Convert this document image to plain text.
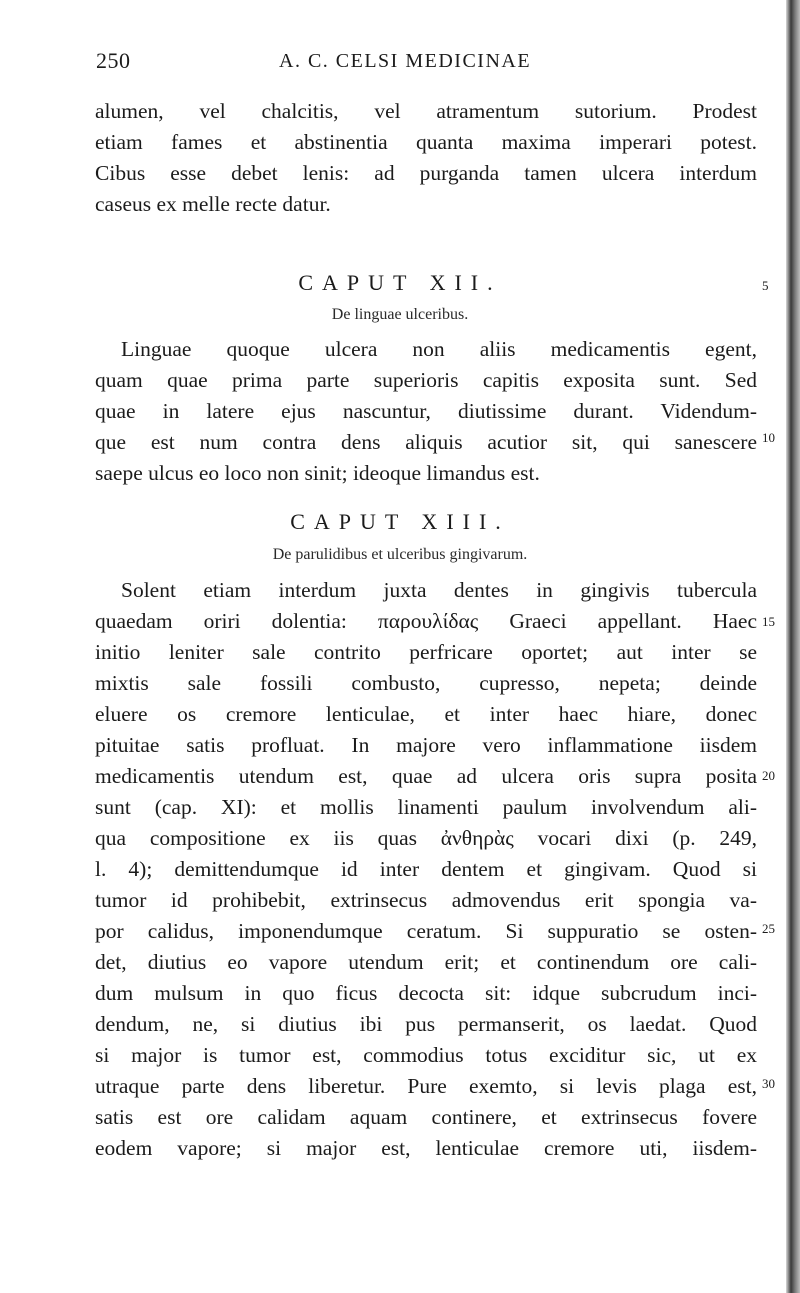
250	A. C. CELSI MEDICINAE
alumen, vel chalcitis, vel atramentum sutorium. Prodest
etiam fames et abstinentia quanta maxima imperari potest.
Cibus esse debet lenis: ad purganda tamen ulcera interdum
caseus ex melle recte datur.
CAPUT XII.	5
De linguae ulceribus.
Linguae quoque ulcera non aliis medicamentis egent,
quam quae prima parte superioris capitis exposita sunt. Sed
quae in latere ejus nascuntur, diutissime durant. Videndum-
que est num contra dens aliquis acutior sit, qui sanescere
saepe ulcus eo loco non sinit; ideoque limandus est.
10
CAPUT XIII.
De parulidibus et ulceribus gingivarum.
Solent etiam interdum juxta dentes in gingivis tubercula
quaedam oriri dolentia: παρουλίδας Graeci appellant. Haec
initio leniter sale contrito perfricare oportet; aut inter se
mixtis sale fossili combusto, cupresso, nepeta; deinde
eluere os cremore lenticulae, et inter haec hiare, donec
pituitae satis profluat. In majore vero inflammatione iisdem
medicamentis utendum est, quae ad ulcera oris supra posita
sunt (cap. XI): et mollis linamenti paulum involvendum ali-
qua compositione ex iis quas ἀνθηρὰς vocari dixi (p. 249,
l. 4); demittendumque id inter dentem et gingivam. Quod si
tumor id prohibebit, extrinsecus admovendus erit spongia va-
por calidus, imponendumque ceratum. Si suppuratio se osten-
det, diutius eo vapore utendum erit; et continendum ore cali-
dum mulsum in quo ficus decocta sit: idque subcrudum inci-
dendum, ne, si diutius ibi pus permanserit, os laedat. Quod
si major is tumor est, commodius totus exciditur sic, ut ex
utraque parte dens liberetur. Pure exemto, si levis plaga est,
satis est ore calidam aquam continere, et extrinsecus fovere
eodem vapore; si major est, lenticulae cremore uti, iisdem-
15
20
25
30
